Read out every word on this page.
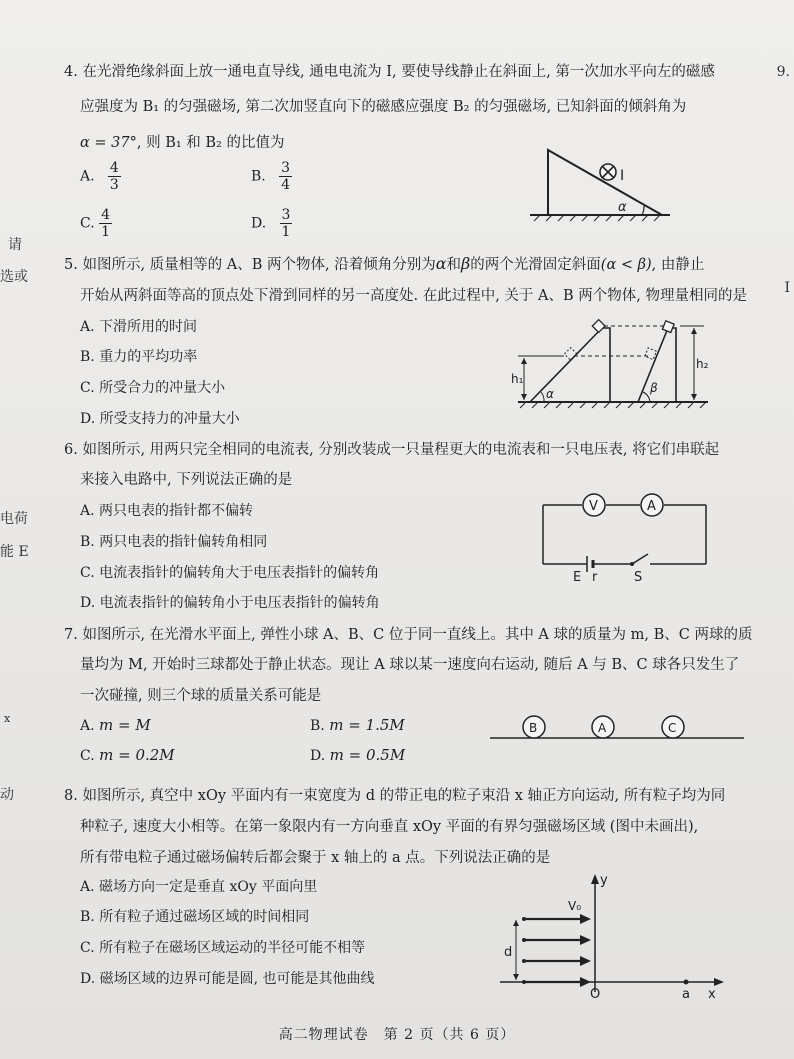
请
选或
电荷
能 E
x
动
9.
I
4. 在光滑绝缘斜面上放一通电直导线, 通电电流为 I, 要使导线静止在斜面上, 第一次加水平向左的磁感
应强度为 B₁ 的匀强磁场, 第二次加竖直向下的磁感应强度 B₂ 的匀强磁场, 已知斜面的倾斜角为
α = 37°, 则 B₁ 和 B₂ 的比值为
A. $\frac{4}{3}$	B. $\frac{3}{4}$
C. $\frac{4}{1}$	D. $\frac{3}{1}$
I
α
5. 如图所示, 质量相等的 A、B 两个物体, 沿着倾角分别为α和β的两个光滑固定斜面(α < β), 由静止
开始从两斜面等高的顶点处下滑到同样的另一高度处. 在此过程中, 关于 A、B 两个物体, 物理量相同的是
A. 下滑所用的时间
B. 重力的平均功率
C. 所受合力的冲量大小
D. 所受支持力的冲量大小
h₁
h₂
α	β
6. 如图所示, 用两只完全相同的电流表, 分别改装成一只量程更大的电流表和一只电压表, 将它们串联起
来接入电路中, 下列说法正确的是
A. 两只电表的指针都不偏转
B. 两只电表的指针偏转角相同
C. 电流表指针的偏转角大于电压表指针的偏转角
D. 电流表指针的偏转角小于电压表指针的偏转角
V	A
E r	S
7. 如图所示, 在光滑水平面上, 弹性小球 A、B、C 位于同一直线上。其中 A 球的质量为 m, B、C 两球的质
量均为 M, 开始时三球都处于静止状态。现让 A 球以某一速度向右运动, 随后 A 与 B、C 球各只发生了
一次碰撞, 则三个球的质量关系可能是
A. m = M	B. m = 1.5M
C. m = 0.2M	D. m = 0.5M
B	A	C
8. 如图所示, 真空中 xOy 平面内有一束宽度为 d 的带正电的粒子束沿 x 轴正方向运动, 所有粒子均为同
种粒子, 速度大小相等。在第一象限内有一方向垂直 xOy 平面的有界匀强磁场区域 (图中未画出),
所有带电粒子通过磁场偏转后都会聚于 x 轴上的 a 点。下列说法正确的是
A. 磁场方向一定是垂直 xOy 平面向里
B. 所有粒子通过磁场区域的时间相同
C. 所有粒子在磁场区域运动的半径可能不相等
D. 磁场区域的边界可能是圆, 也可能是其他曲线
y
x
O	a
V₀
d
高二物理试卷　第 2 页（共 6 页）
